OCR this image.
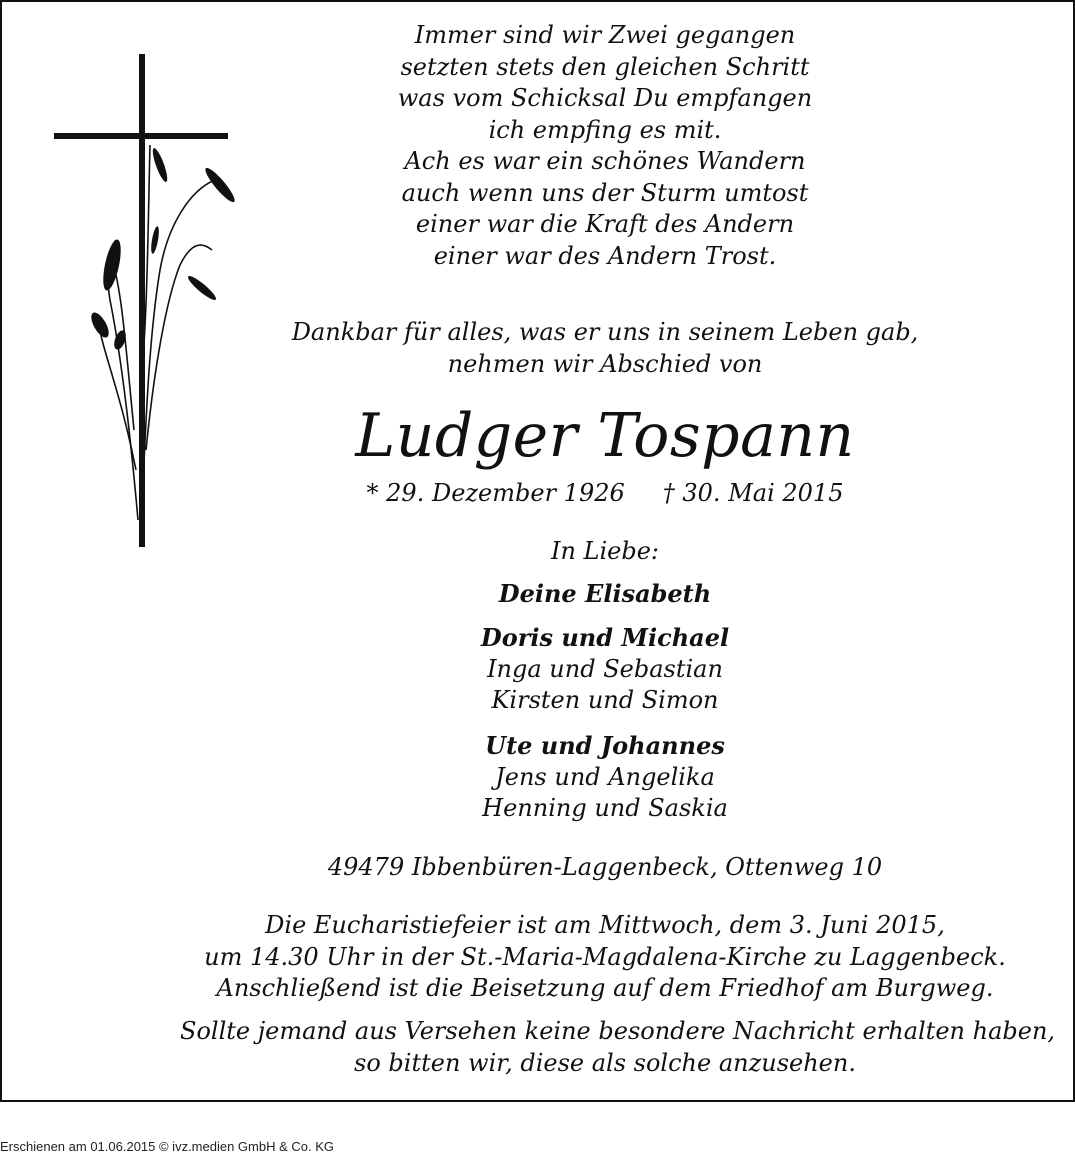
Immer sind wir Zwei gegangen
setzten stets den gleichen Schritt
was vom Schicksal Du empfangen
ich empfing es mit.
Ach es war ein schönes Wandern
auch wenn uns der Sturm umtost
einer war die Kraft des Andern
einer war des Andern Trost.
Dankbar für alles, was er uns in seinem Leben gab,
nehmen wir Abschied von
Ludger Tospann
* 29. Dezember 1926 † 30. Mai 2015
In Liebe:
Deine Elisabeth
Doris und Michael
Inga und Sebastian
Kirsten und Simon
Ute und Johannes
Jens und Angelika
Henning und Saskia
49479 Ibbenbüren-Laggenbeck, Ottenweg 10
Die Eucharistiefeier ist am Mittwoch, dem 3. Juni 2015,
um 14.30 Uhr in der St.-Maria-Magdalena-Kirche zu Laggenbeck.
Anschließend ist die Beisetzung auf dem Friedhof am Burgweg.
Sollte jemand aus Versehen keine besondere Nachricht erhalten haben,
so bitten wir, diese als solche anzusehen.
Erschienen am 01.06.2015 © ivz.medien GmbH & Co. KG
